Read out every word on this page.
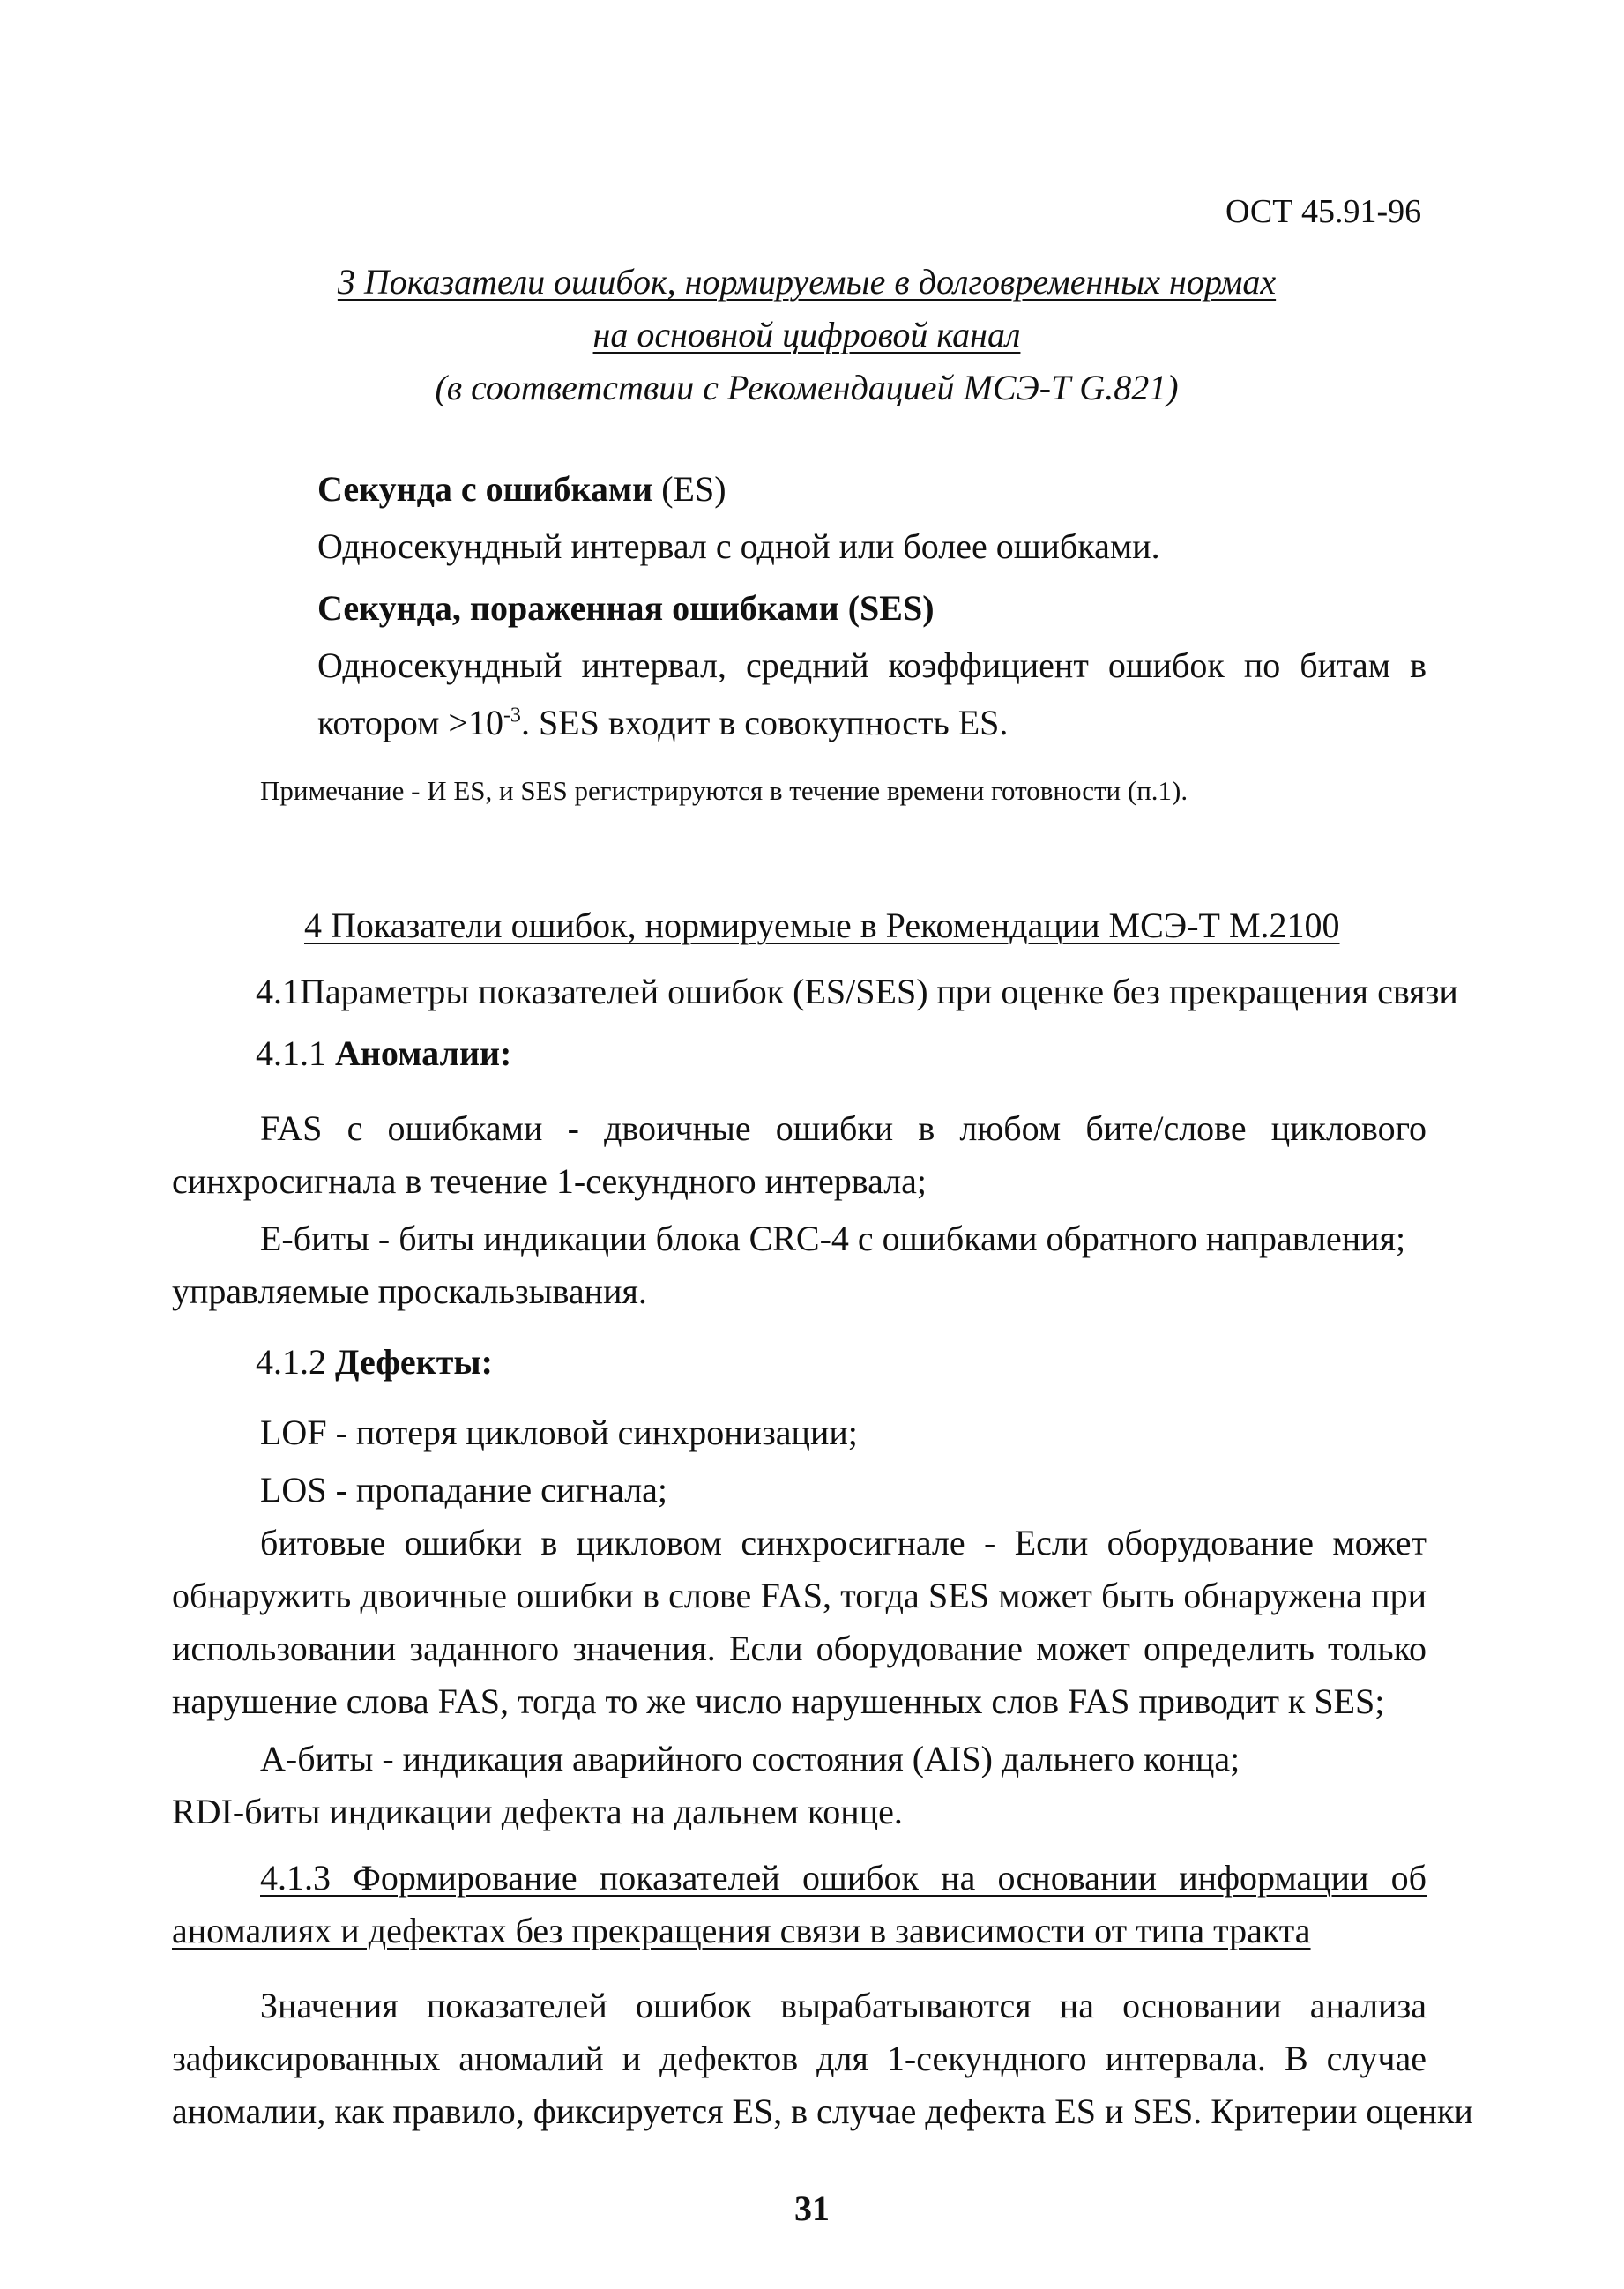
ОСТ 45.91-96

3 Показатели ошибок, нормируемые в долговременных нормах

на основной цифровой канал

(в соответствии с Рекомендацией МСЭ-Т G.821)

Секунда с ошибками (ES)

Односекундный интервал с одной или более ошибками.

Секунда, пораженная ошибками (SES)

Односекундный интервал, средний коэффициент ошибок по битам в

котором $>10^{-3}$. SES входит в совокупность ES.

Примечание - И ES, и SES регистрируются в течение времени готовности (п.1).

4 Показатели ошибок, нормируемые в Рекомендации МСЭ-Т М.2100

4.1Параметры показателей ошибок (ES/SES) при оценке без прекращения связи

4.1.1 Аномалии:

FAS с ошибками - двоичные ошибки в любом бите/слове циклового

синхросигнала в течение 1-секундного интервала;

Е-биты - биты индикации блока CRC-4 с ошибками обратного направления;

управляемые проскальзывания.

4.1.2 Дефекты:

LOF - потеря цикловой синхронизации;

LOS - пропадание сигнала;

битовые ошибки в цикловом синхросигнале - Если оборудование может

обнаружить двоичные ошибки в слове FAS, тогда SES может быть обнаружена при

использовании заданного значения. Если оборудование может определить только

нарушение слова FAS, тогда то же число нарушенных слов FAS приводит к SES;

А-биты - индикация аварийного состояния (AIS) дальнего конца;

RDI-биты индикации дефекта на дальнем конце.

4.1.3 Формирование показателей ошибок на основании информации об

аномалиях и дефектах без прекращения связи в зависимости от типа тракта

Значения показателей ошибок вырабатываются на основании анализа

зафиксированных аномалий и дефектов для 1-секундного интервала. В случае

аномалии, как правило, фиксируется ES, в случае дефекта ES и SES. Критерии оценки

31
